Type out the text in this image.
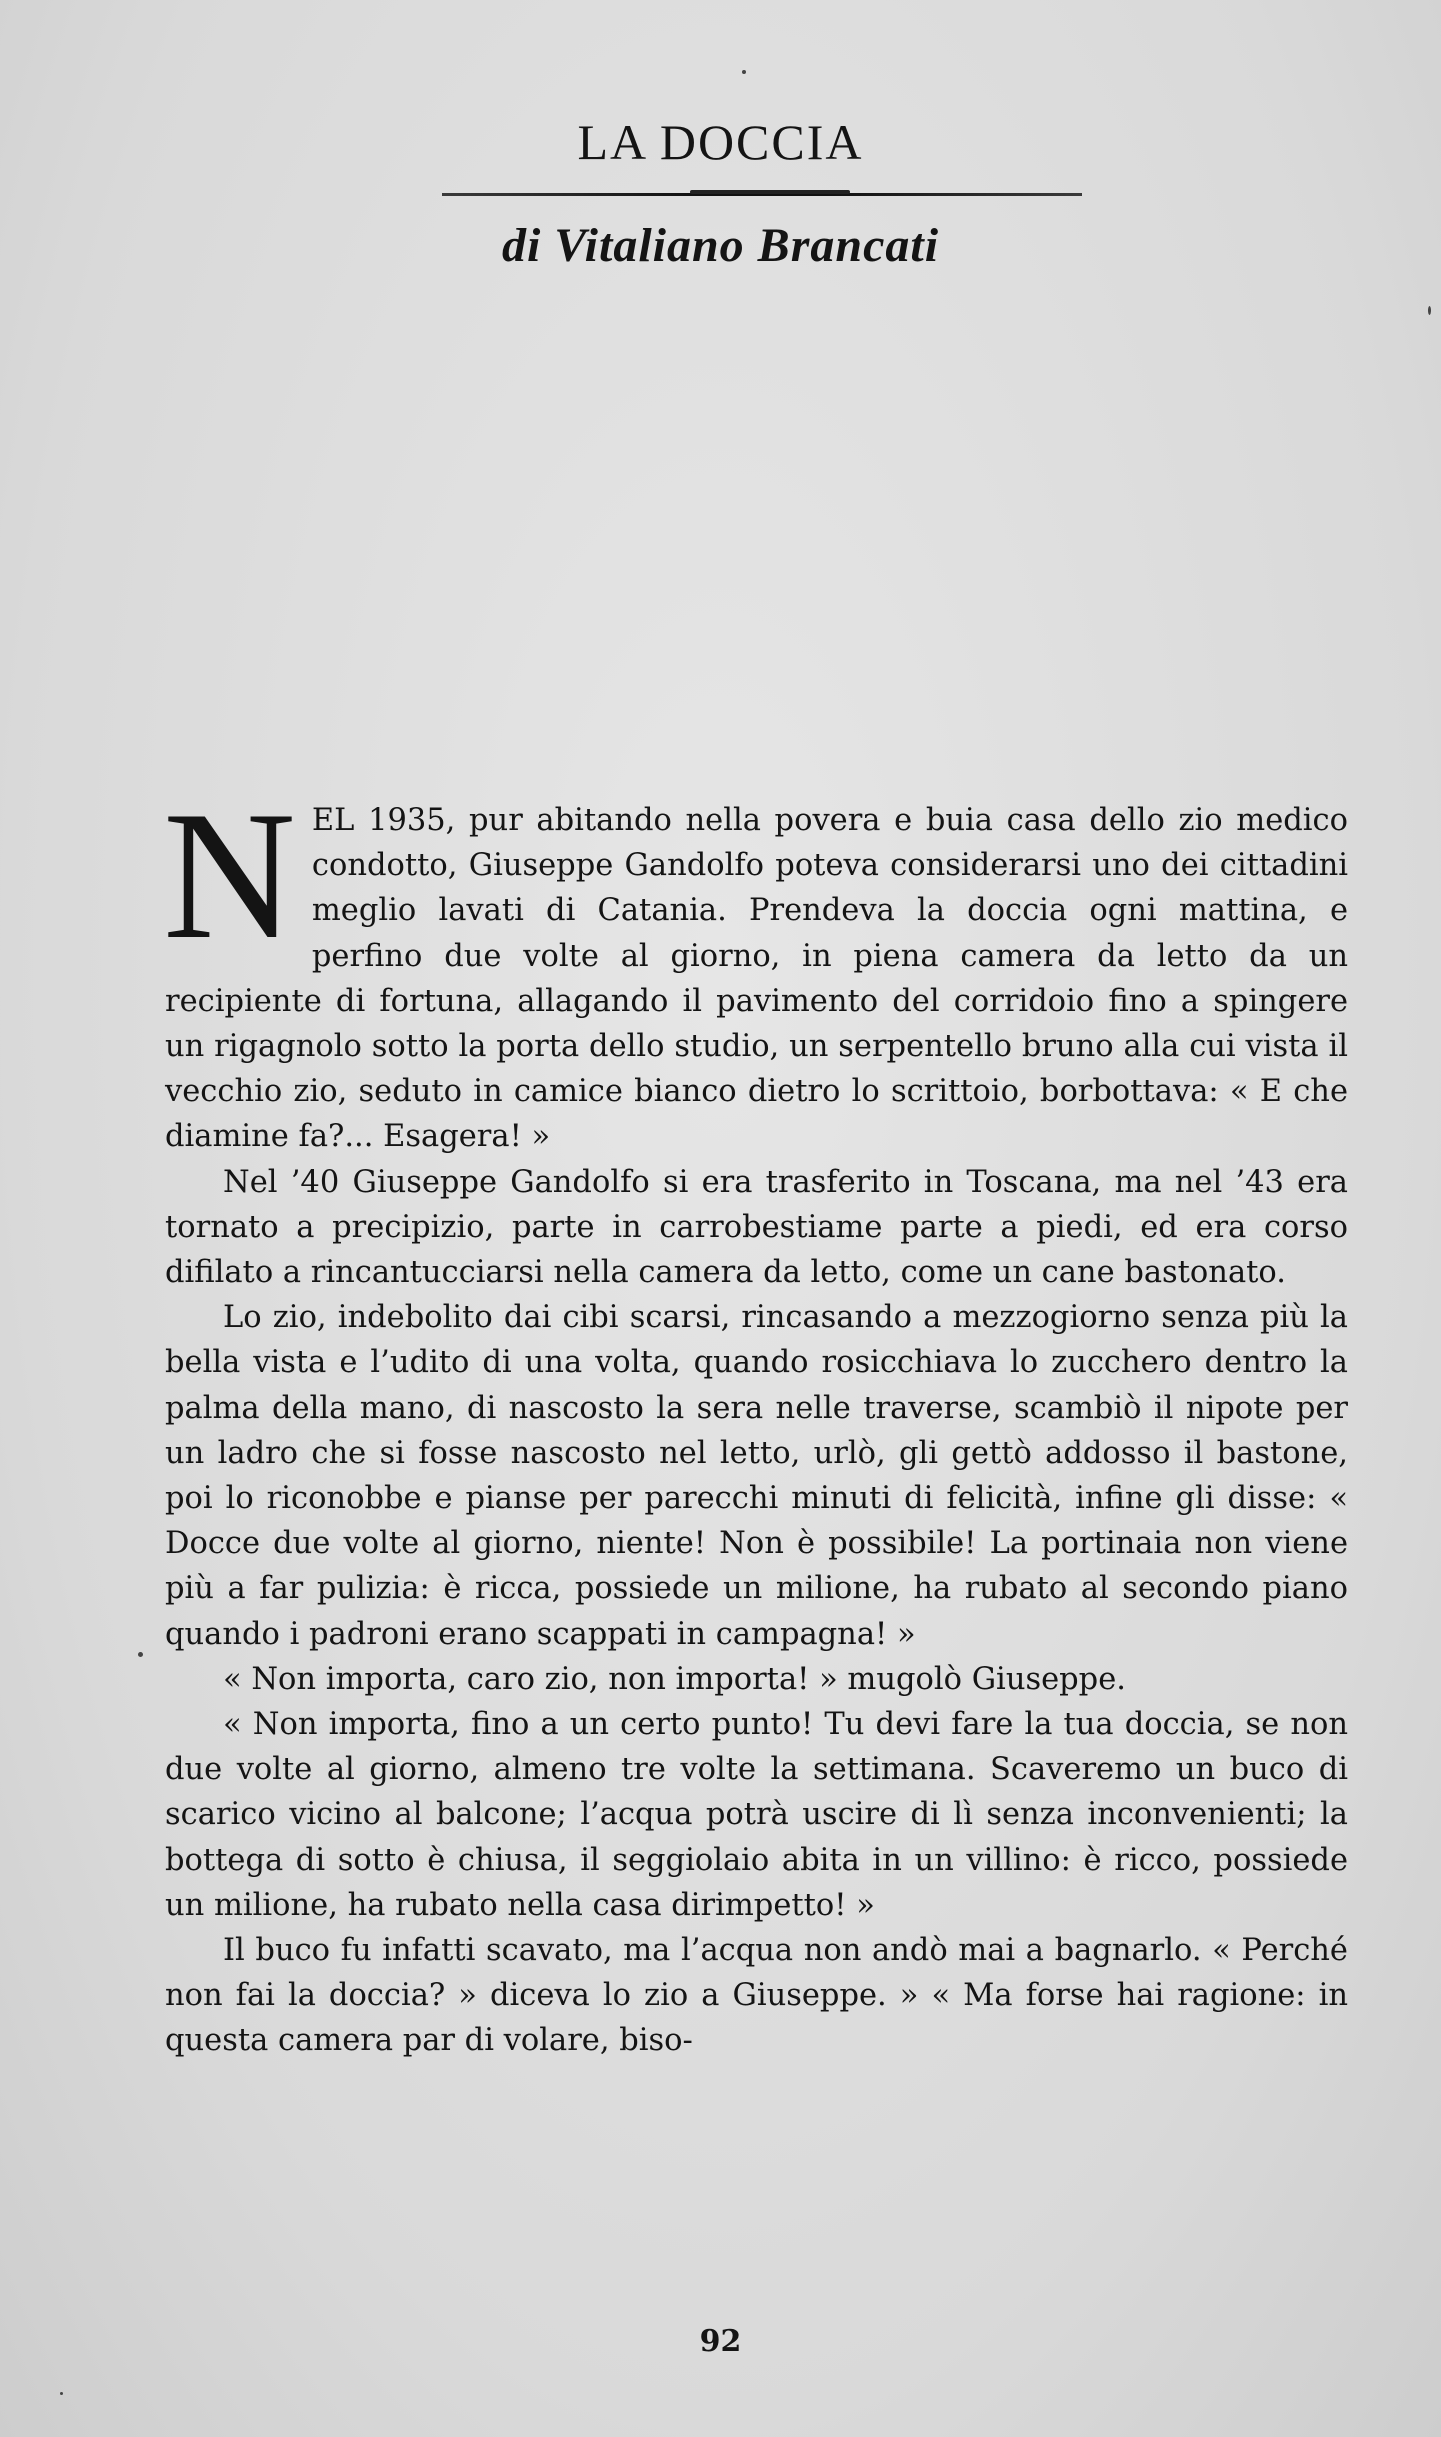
LA DOCCIA
di Vitaliano Brancati

NEL 1935, pur abitando nella povera e buia casa dello zio medico condotto, Giuseppe Gandolfo poteva considerarsi uno dei cittadini meglio lavati di Catania. Prendeva la doccia ogni mattina, e perfino due volte al giorno, in piena camera da letto da un recipiente di fortuna, allagando il pavimento del corridoio fino a spingere un rigagnolo sotto la porta dello studio, un serpentello bruno alla cui vista il vecchio zio, seduto in camice bianco dietro lo scrittoio, borbottava: « E che diamine fa?... Esagera! »

Nel ’40 Giuseppe Gandolfo si era trasferito in Toscana, ma nel ’43 era tornato a precipizio, parte in carrobestiame parte a piedi, ed era corso difilato a rincantucciarsi nella camera da letto, come un cane bastonato.

Lo zio, indebolito dai cibi scarsi, rincasando a mezzogiorno senza più la bella vista e l’udito di una volta, quando rosicchiava lo zucchero dentro la palma della mano, di nascosto la sera nelle traverse, scambiò il nipote per un ladro che si fosse nascosto nel letto, urlò, gli gettò addosso il bastone, poi lo riconobbe e pianse per parecchi minuti di felicità, infine gli disse: « Docce due volte al giorno, niente! Non è possibile! La portinaia non viene più a far pulizia: è ricca, possiede un milione, ha rubato al secondo piano quando i padroni erano scappati in campagna! »

« Non importa, caro zio, non importa! » mugolò Giuseppe.

« Non importa, fino a un certo punto! Tu devi fare la tua doccia, se non due volte al giorno, almeno tre volte la settimana. Scaveremo un buco di scarico vicino al balcone; l’acqua potrà uscire di lì senza inconvenienti; la bottega di sotto è chiusa, il seggiolaio abita in un villino: è ricco, possiede un milione, ha rubato nella casa dirimpetto! »

Il buco fu infatti scavato, ma l’acqua non andò mai a bagnarlo. « Perché non fai la doccia? » diceva lo zio a Giuseppe. » « Ma forse hai ragione: in questa camera par di volare, biso-

92
